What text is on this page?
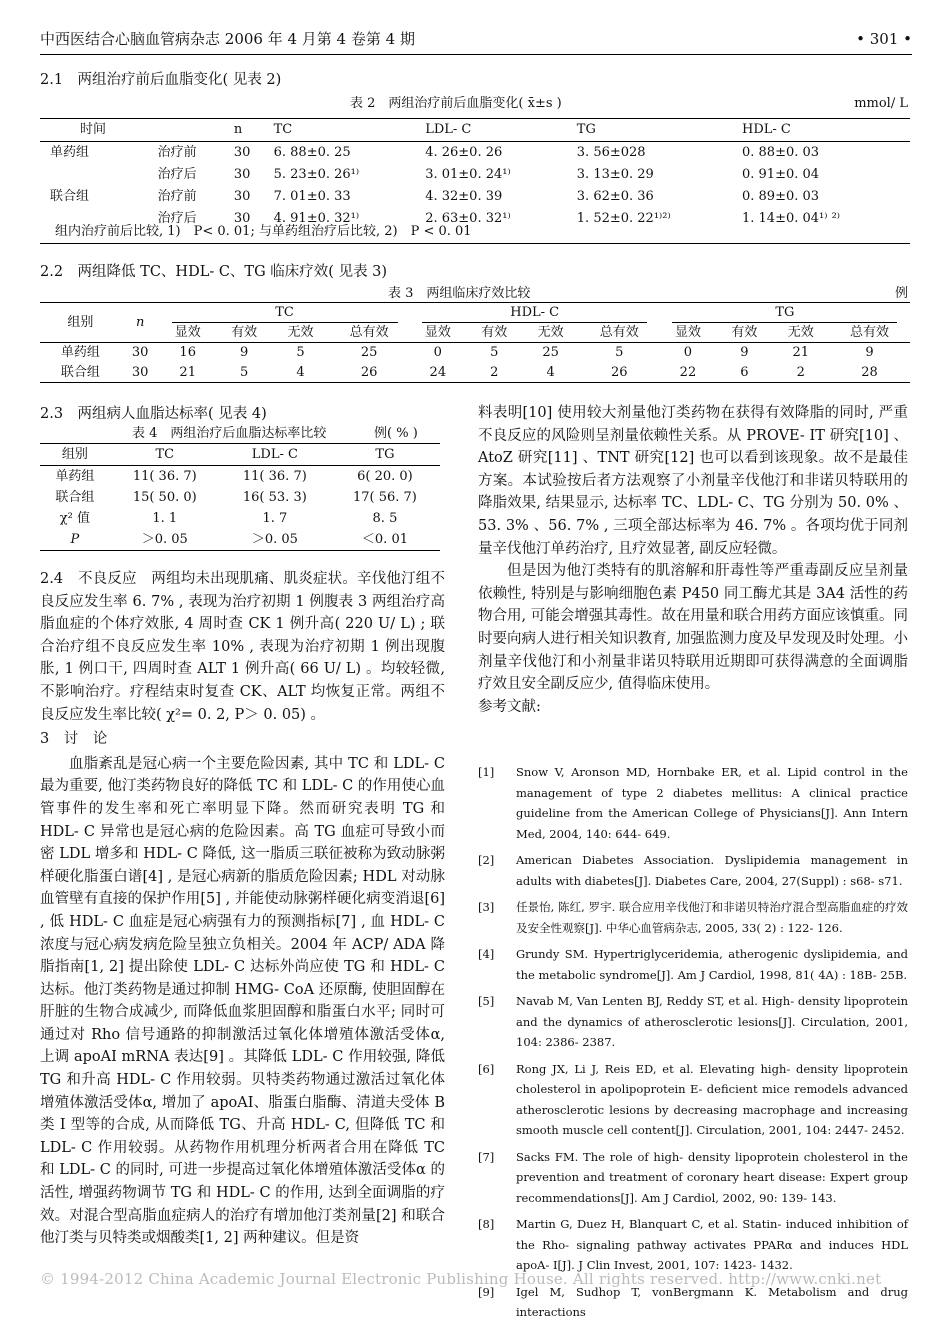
中西医结合心脑血管病杂志 2006 年 4 月第 4 卷第 4 期	• 301 •
2.1　两组治疗前后血脂变化( 见表 2)
表 2　两组治疗前后血脂变化( x̄±s )	mmol/ L
时间		n	TC	LDL- C	TG	HDL- C
单药组	治疗前	30	6. 88±0. 25	4. 26±0. 26	3. 56±028	0. 88±0. 03
	治疗后	30	5. 23±0. 26¹⁾	3. 01±0. 24¹⁾	3. 13±0. 29	0. 91±0. 04
联合组	治疗前	30	7. 01±0. 33	4. 32±0. 39	3. 62±0. 36	0. 89±0. 03
	治疗后	30	4. 91±0. 32¹⁾	2. 63±0. 32¹⁾	1. 52±0. 22¹⁾²⁾	1. 14±0. 04¹⁾ ²⁾
组内治疗前后比较, 1)　P< 0. 01; 与单药组治疗后比较, 2)　P < 0. 01
2.2　两组降低 TC、HDL- C、TG 临床疗效( 见表 3)
表 3　两组临床疗效比较	例
组别	n	TC				HDL- C				TG			
		显效	有效	无效	总有效	显效	有效	无效	总有效	显效	有效	无效	总有效
单药组	30	16	9	5	25	0	5	25	5	0	9	21	9
联合组	30	21	5	4	26	24	2	4	26	22	6	2	28
2.3　两组病人血脂达标率( 见表 4)
表 4　两组治疗后血脂达标率比较	例( % )
组别	TC	LDL- C	TG
单药组	11( 36. 7)	11( 36. 7)	6( 20. 0)
联合组	15( 50. 0)	16( 53. 3)	17( 56. 7)
χ² 值	1. 1	1. 7	8. 5
P	＞0. 05	＞0. 05	＜0. 01

2.4　不良反应　两组均未出现肌痛、肌炎症状。辛伐他汀组不良反应发生率 6. 7% , 表现为治疗初期 1 例腹表 3 两组治疗高脂血症的个体疗效胀, 4 周时查 CK 1 例升高( 220 U/ L) ; 联合治疗组不良反应发生率 10% , 表现为治疗初期 1 例出现腹胀, 1 例口干, 四周时查 ALT 1 例升高( 66 U/ L) 。均较轻微, 不影响治疗。疗程结束时复查 CK、ALT 均恢复正常。两组不良反应发生率比较( χ²= 0. 2, P＞ 0. 05) 。

3　讨　论

血脂紊乱是冠心病一个主要危险因素, 其中 TC 和 LDL- C 最为重要, 他汀类药物良好的降低 TC 和 LDL- C 的作用使心血管事件的发生率和死亡率明显下降。然而研究表明 TG 和 HDL- C 异常也是冠心病的危险因素。高 TG 血症可导致小而密 LDL 增多和 HDL- C 降低, 这一脂质三联征被称为致动脉粥样硬化脂蛋白谱[4] , 是冠心病新的脂质危险因素; HDL 对动脉血管壁有直接的保护作用[5] , 并能使动脉粥样硬化病变消退[6] , 低 HDL- C 血症是冠心病强有力的预测指标[7] , 血 HDL- C 浓度与冠心病发病危险呈独立负相关。2004 年 ACP/ ADA 降脂指南[1, 2] 提出除使 LDL- C 达标外尚应使 TG 和 HDL- C 达标。他汀类药物是通过抑制 HMG- CoA 还原酶, 使胆固醇在肝脏的生物合成减少, 而降低血浆胆固醇和脂蛋白水平; 同时可通过对 Rho 信号通路的抑制激活过氧化体增殖体激活受体α, 上调 apoAI mRNA 表达[9] 。其降低 LDL- C 作用较强, 降低 TG 和升高 HDL- C 作用较弱。贝特类药物通过激活过氧化体增殖体激活受体α, 增加了 apoAI、脂蛋白脂酶、清道夫受体 B 类 I 型等的合成, 从而降低 TG、升高 HDL- C, 但降低 TC 和 LDL- C 作用较弱。从药物作用机理分析两者合用在降低 TC 和 LDL- C 的同时, 可进一步提高过氧化体增殖体激活受体α 的活性, 增强药物调节 TG 和 HDL- C 的作用, 达到全面调脂的疗效。对混合型高脂血症病人的治疗有增加他汀类剂量[2] 和联合他汀类与贝特类或烟酸类[1, 2] 两种建议。但是资

料表明[10] 使用较大剂量他汀类药物在获得有效降脂的同时, 严重不良反应的风险则呈剂量依赖性关系。从 PROVE- IT 研究[10] 、AtoZ 研究[11] 、TNT 研究[12] 也可以看到该现象。故不是最佳方案。本试验按后者方法观察了小剂量辛伐他汀和非诺贝特联用的降脂效果, 结果显示, 达标率 TC、LDL- C、TG 分别为 50. 0% 、53. 3% 、56. 7% , 三项全部达标率为 46. 7% 。各项均优于同剂量辛伐他汀单药治疗, 且疗效显著, 副反应轻微。

但是因为他汀类特有的肌溶解和肝毒性等严重毒副反应呈剂量依赖性, 特别是与影响细胞色素 P450 同工酶尤其是 3A4 活性的药物合用, 可能会增强其毒性。故在用量和联合用药方面应该慎重。同时要向病人进行相关知识教育, 加强监测力度及早发现及时处理。小剂量辛伐他汀和小剂量非诺贝特联用近期即可获得满意的全面调脂疗效且安全副反应少, 值得临床使用。

参考文献:

[1]	Snow V, Aronson MD, Hornbake ER, et al. Lipid control in the management of type 2 diabetes mellitus: A clinical practice guideline from the American College of Physicians[J]. Ann Intern Med, 2004, 140: 644- 649.
[2]	American Diabetes Association. Dyslipidemia management in adults with diabetes[J]. Diabetes Care, 2004, 27(Suppl) : s68- s71.
[3]	任景怡, 陈红, 罗宇. 联合应用辛伐他汀和非诺贝特治疗混合型高脂血症的疗效及安全性观察[J]. 中华心血管病杂志, 2005, 33( 2) : 122- 126.
[4]	Grundy SM. Hypertriglyceridemia, atherogenic dyslipidemia, and the metabolic syndrome[J]. Am J Cardiol, 1998, 81( 4A) : 18B- 25B.
[5]	Navab M, Van Lenten BJ, Reddy ST, et al. High- density lipoprotein and the dynamics of atherosclerotic lesions[J]. Circulation, 2001, 104: 2386- 2387.
[6]	Rong JX, Li J, Reis ED, et al. Elevating high- density lipoprotein cholesterol in apolipoprotein E- deficient mice remodels advanced atherosclerotic lesions by decreasing macrophage and increasing smooth muscle cell content[J]. Circulation, 2001, 104: 2447- 2452.
[7]	Sacks FM. The role of high- density lipoprotein cholesterol in the prevention and treatment of coronary heart disease: Expert group recommendations[J]. Am J Cardiol, 2002, 90: 139- 143.
[8]	Martin G, Duez H, Blanquart C, et al. Statin- induced inhibition of the Rho- signaling pathway activates PPARα and induces HDL apoA- I[J]. J Clin Invest, 2001, 107: 1423- 1432.
[9]	Igel M, Sudhop T, vonBergmann K. Metabolism and drug interactions
© 1994-2012 China Academic Journal Electronic Publishing House. All rights reserved. http://www.cnki.net
